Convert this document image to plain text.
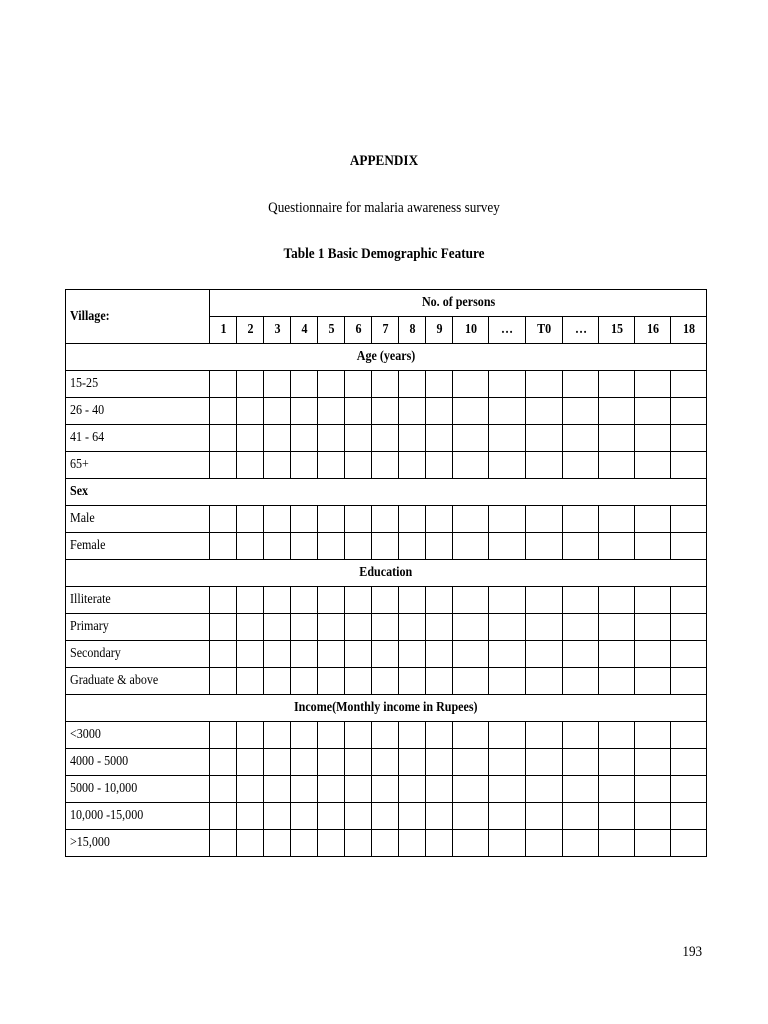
APPENDIX
Questionnaire for malaria awareness survey
Table 1 Basic Demographic Feature
Village:	No. of persons															
	1	2	3	4	5	6	7	8	9	10	…	T0	…	15	16	18
Age (years)																
15-25																
26 - 40																
41 - 64																
65+																
Sex																
Male																
Female																
Education																
Illiterate																
Primary																
Secondary																
Graduate & above																
Income(Monthly income in Rupees)																
<3000																
4000 - 5000																
5000 - 10,000																
10,000 -15,000																
>15,000																
193
